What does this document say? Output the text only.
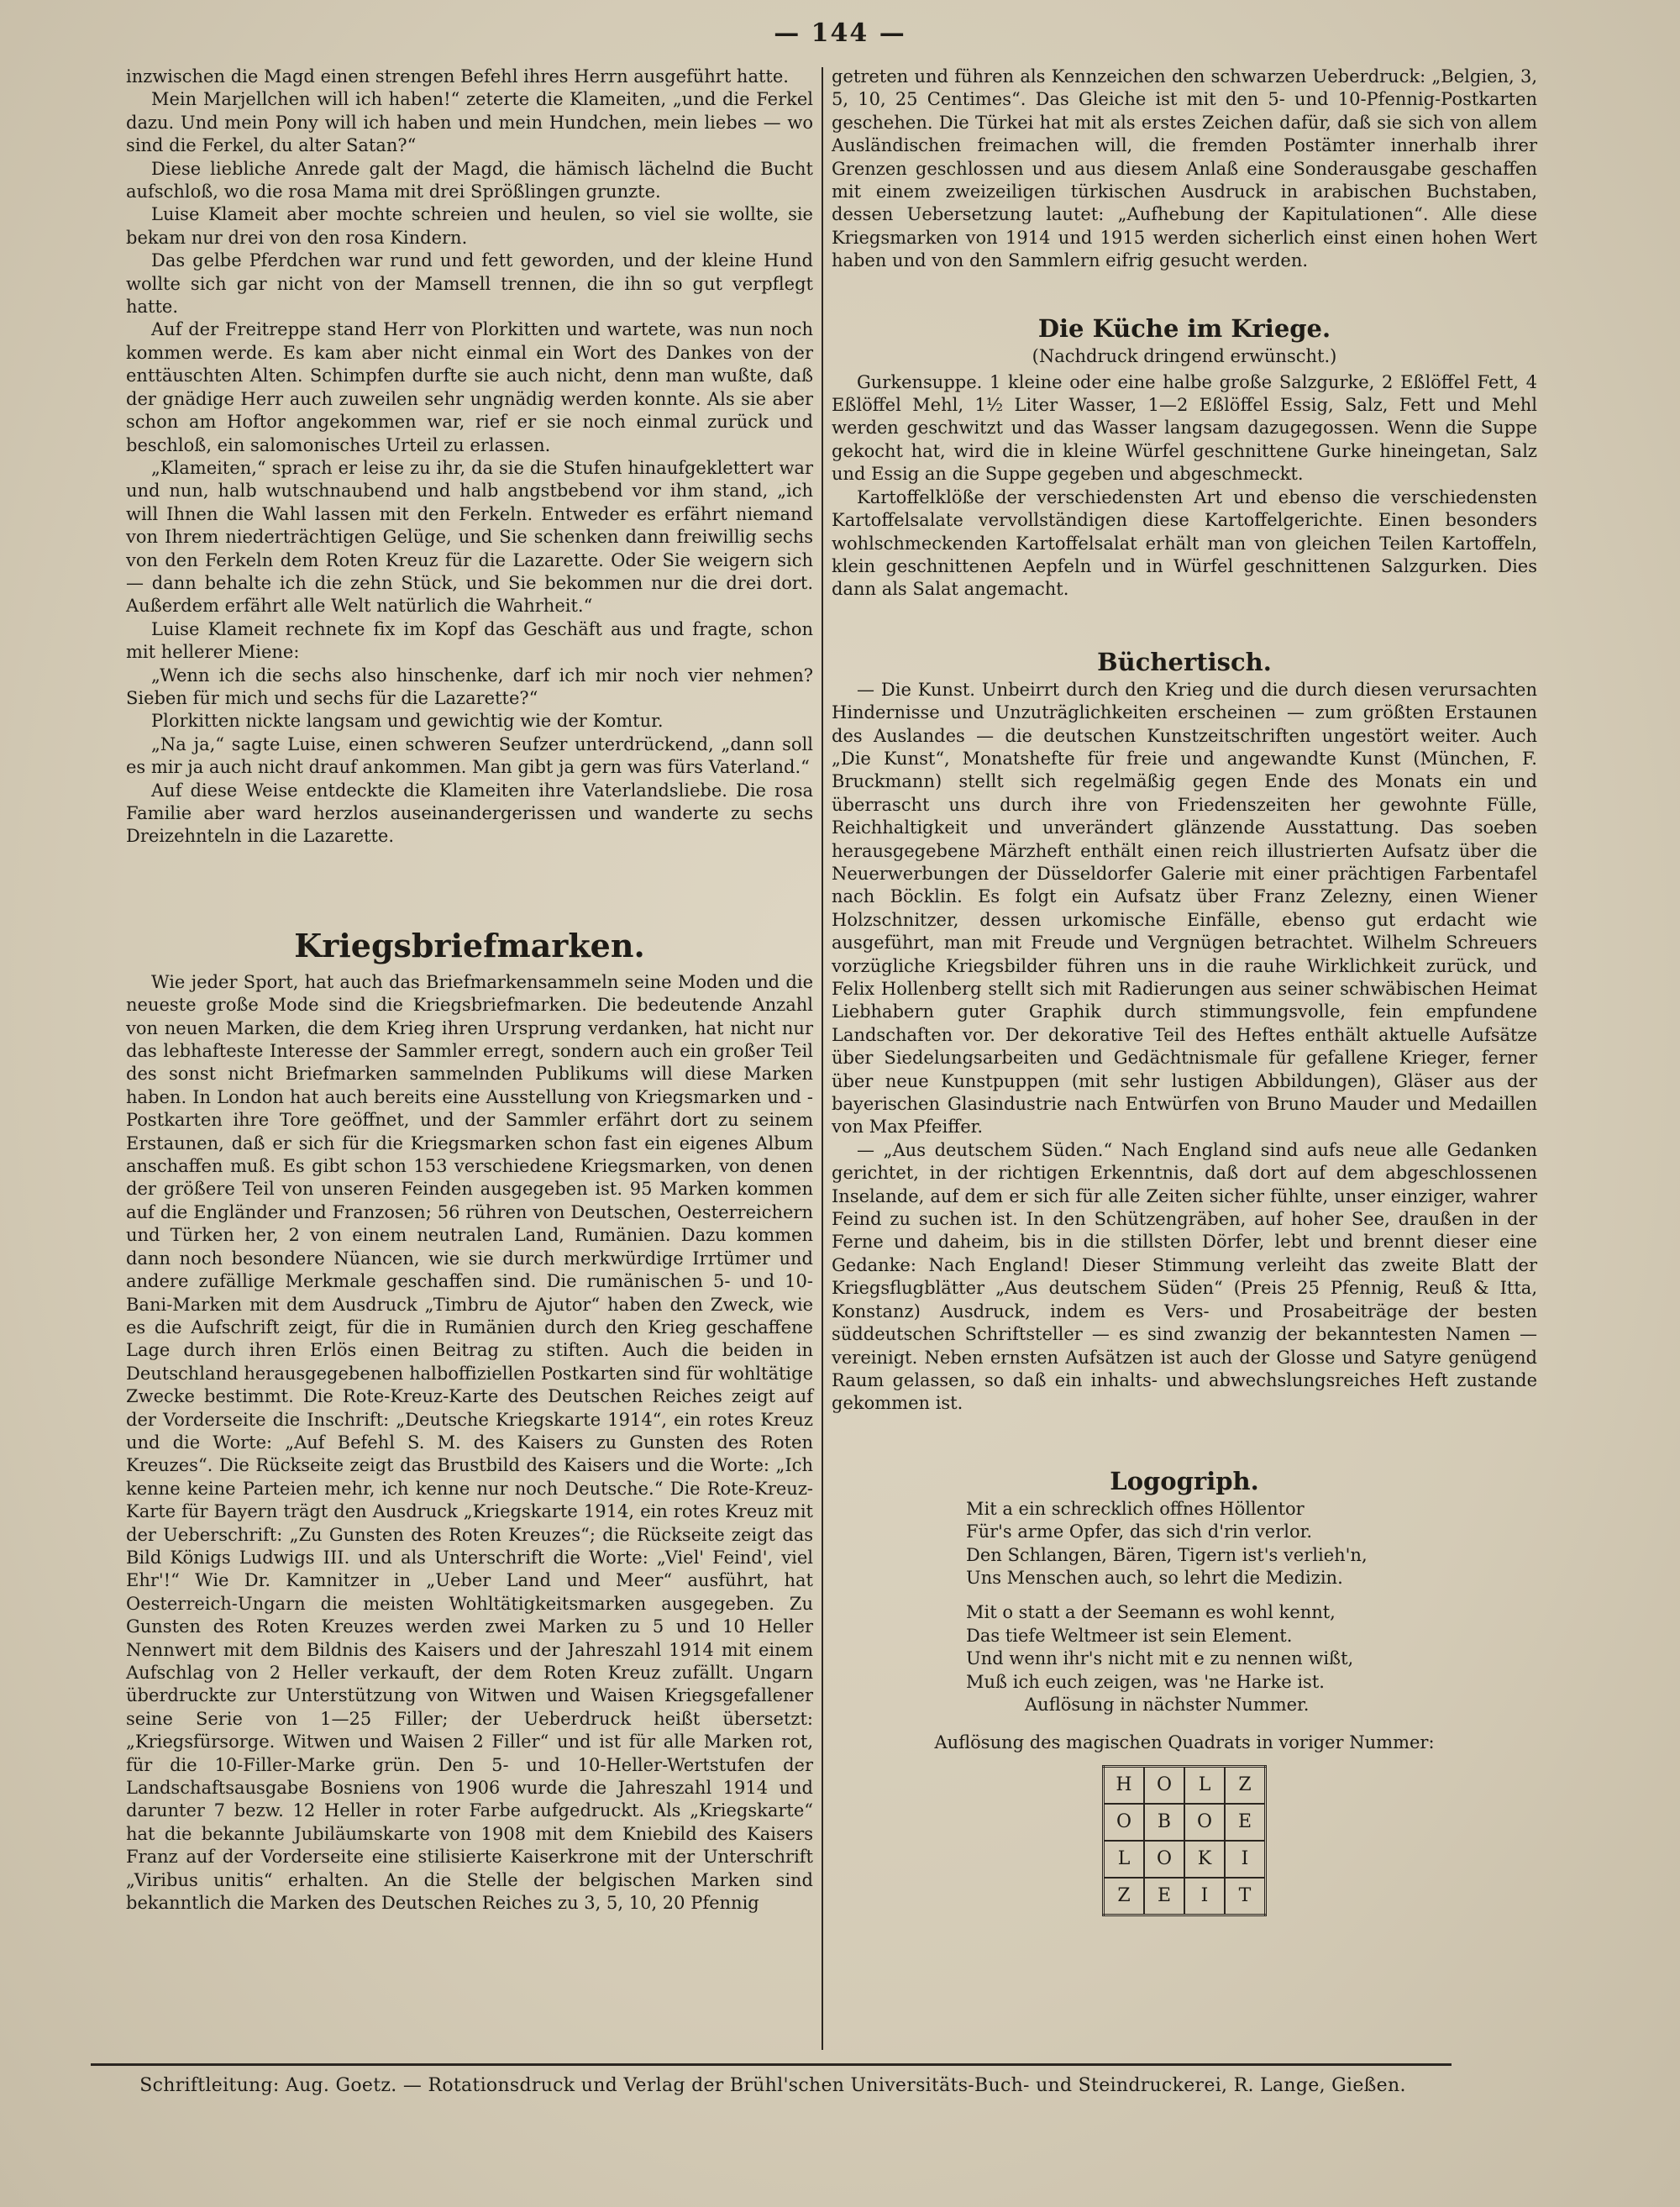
— 144 —

inzwischen die Magd einen strengen Befehl ihres Herrn ausgeführt hatte.

Mein Marjellchen will ich haben!“ zeterte die Klameiten, „und die Ferkel dazu. Und mein Pony will ich haben und mein Hundchen, mein liebes — wo sind die Ferkel, du alter Satan?“

Diese liebliche Anrede galt der Magd, die hämisch lächelnd die Bucht aufschloß, wo die rosa Mama mit drei Sprößlingen grunzte.

Luise Klameit aber mochte schreien und heulen, so viel sie wollte, sie bekam nur drei von den rosa Kindern.

Das gelbe Pferdchen war rund und fett geworden, und der kleine Hund wollte sich gar nicht von der Mamsell trennen, die ihn so gut verpflegt hatte.

Auf der Freitreppe stand Herr von Plorkitten und wartete, was nun noch kommen werde. Es kam aber nicht einmal ein Wort des Dankes von der enttäuschten Alten. Schimpfen durfte sie auch nicht, denn man wußte, daß der gnädige Herr auch zuweilen sehr ungnädig werden konnte. Als sie aber schon am Hoftor angekommen war, rief er sie noch einmal zurück und beschloß, ein salomonisches Urteil zu erlassen.

„Klameiten,“ sprach er leise zu ihr, da sie die Stufen hinaufgeklettert war und nun, halb wutschnaubend und halb angstbebend vor ihm stand, „ich will Ihnen die Wahl lassen mit den Ferkeln. Entweder es erfährt niemand von Ihrem niederträchtigen Gelüge, und Sie schenken dann freiwillig sechs von den Ferkeln dem Roten Kreuz für die Lazarette. Oder Sie weigern sich — dann behalte ich die zehn Stück, und Sie bekommen nur die drei dort. Außerdem erfährt alle Welt natürlich die Wahrheit.“

Luise Klameit rechnete fix im Kopf das Geschäft aus und fragte, schon mit hellerer Miene:

„Wenn ich die sechs also hinschenke, darf ich mir noch vier nehmen? Sieben für mich und sechs für die Lazarette?“

Plorkitten nickte langsam und gewichtig wie der Komtur.

„Na ja,“ sagte Luise, einen schweren Seufzer unterdrückend, „dann soll es mir ja auch nicht drauf ankommen. Man gibt ja gern was fürs Vaterland.“

Auf diese Weise entdeckte die Klameiten ihre Vaterlandsliebe. Die rosa Familie aber ward herzlos auseinandergerissen und wanderte zu sechs Dreizehnteln in die Lazarette.

Kriegsbriefmarken.

Wie jeder Sport, hat auch das Briefmarkensammeln seine Moden und die neueste große Mode sind die Kriegsbriefmarken. Die bedeutende Anzahl von neuen Marken, die dem Krieg ihren Ursprung verdanken, hat nicht nur das lebhafteste Interesse der Sammler erregt, sondern auch ein großer Teil des sonst nicht Briefmarken sammelnden Publikums will diese Marken haben. In London hat auch bereits eine Ausstellung von Kriegsmarken und -Postkarten ihre Tore geöffnet, und der Sammler erfährt dort zu seinem Erstaunen, daß er sich für die Kriegsmarken schon fast ein eigenes Album anschaffen muß. Es gibt schon 153 verschiedene Kriegsmarken, von denen der größere Teil von unseren Feinden ausgegeben ist. 95 Marken kommen auf die Engländer und Franzosen; 56 rühren von Deutschen, Oesterreichern und Türken her, 2 von einem neutralen Land, Rumänien. Dazu kommen dann noch besondere Nüancen, wie sie durch merkwürdige Irrtümer und andere zufällige Merkmale geschaffen sind. Die rumänischen 5- und 10-Bani-Marken mit dem Ausdruck „Timbru de Ajutor“ haben den Zweck, wie es die Aufschrift zeigt, für die in Rumänien durch den Krieg geschaffene Lage durch ihren Erlös einen Beitrag zu stiften. Auch die beiden in Deutschland herausgegebenen halboffiziellen Postkarten sind für wohltätige Zwecke bestimmt. Die Rote-Kreuz-Karte des Deutschen Reiches zeigt auf der Vorderseite die Inschrift: „Deutsche Kriegskarte 1914“, ein rotes Kreuz und die Worte: „Auf Befehl S. M. des Kaisers zu Gunsten des Roten Kreuzes“. Die Rückseite zeigt das Brustbild des Kaisers und die Worte: „Ich kenne keine Parteien mehr, ich kenne nur noch Deutsche.“ Die Rote-Kreuz-Karte für Bayern trägt den Ausdruck „Kriegskarte 1914, ein rotes Kreuz mit der Ueberschrift: „Zu Gunsten des Roten Kreuzes“; die Rückseite zeigt das Bild Königs Ludwigs III. und als Unterschrift die Worte: „Viel' Feind', viel Ehr'!“ Wie Dr. Kamnitzer in „Ueber Land und Meer“ ausführt, hat Oesterreich-Ungarn die meisten Wohltätigkeitsmarken ausgegeben. Zu Gunsten des Roten Kreuzes werden zwei Marken zu 5 und 10 Heller Nennwert mit dem Bildnis des Kaisers und der Jahreszahl 1914 mit einem Aufschlag von 2 Heller verkauft, der dem Roten Kreuz zufällt. Ungarn überdruckte zur Unterstützung von Witwen und Waisen Kriegsgefallener seine Serie von 1—25 Filler; der Ueberdruck heißt übersetzt: „Kriegsfürsorge. Witwen und Waisen 2 Filler“ und ist für alle Marken rot, für die 10-Filler-Marke grün. Den 5- und 10-Heller-Wertstufen der Landschaftsausgabe Bosniens von 1906 wurde die Jahreszahl 1914 und darunter 7 bezw. 12 Heller in roter Farbe aufgedruckt. Als „Kriegskarte“ hat die bekannte Jubiläumskarte von 1908 mit dem Kniebild des Kaisers Franz auf der Vorderseite eine stilisierte Kaiserkrone mit der Unterschrift „Viribus unitis“ erhalten. An die Stelle der belgischen Marken sind bekanntlich die Marken des Deutschen Reiches zu 3, 5, 10, 20 Pfennig

getreten und führen als Kennzeichen den schwarzen Ueberdruck: „Belgien, 3, 5, 10, 25 Centimes“. Das Gleiche ist mit den 5- und 10-Pfennig-Postkarten geschehen. Die Türkei hat mit als erstes Zeichen dafür, daß sie sich von allem Ausländischen freimachen will, die fremden Postämter innerhalb ihrer Grenzen geschlossen und aus diesem Anlaß eine Sonderausgabe geschaffen mit einem zweizeiligen türkischen Ausdruck in arabischen Buchstaben, dessen Uebersetzung lautet: „Aufhebung der Kapitulationen“. Alle diese Kriegsmarken von 1914 und 1915 werden sicherlich einst einen hohen Wert haben und von den Sammlern eifrig gesucht werden.

Die Küche im Kriege.
(Nachdruck dringend erwünscht.)

Gurkensuppe. 1 kleine oder eine halbe große Salzgurke, 2 Eßlöffel Fett, 4 Eßlöffel Mehl, 1½ Liter Wasser, 1—2 Eßlöffel Essig, Salz, Fett und Mehl werden geschwitzt und das Wasser langsam dazugegossen. Wenn die Suppe gekocht hat, wird die in kleine Würfel geschnittene Gurke hineingetan, Salz und Essig an die Suppe gegeben und abgeschmeckt.

Kartoffelklöße der verschiedensten Art und ebenso die verschiedensten Kartoffelsalate vervollständigen diese Kartoffelgerichte. Einen besonders wohlschmeckenden Kartoffelsalat erhält man von gleichen Teilen Kartoffeln, klein geschnittenen Aepfeln und in Würfel geschnittenen Salzgurken. Dies dann als Salat angemacht.

Büchertisch.

— Die Kunst. Unbeirrt durch den Krieg und die durch diesen verursachten Hindernisse und Unzuträglichkeiten erscheinen — zum größten Erstaunen des Auslandes — die deutschen Kunstzeitschriften ungestört weiter. Auch „Die Kunst“, Monatshefte für freie und angewandte Kunst (München, F. Bruckmann) stellt sich regelmäßig gegen Ende des Monats ein und überrascht uns durch ihre von Friedenszeiten her gewohnte Fülle, Reichhaltigkeit und unverändert glänzende Ausstattung. Das soeben herausgegebene Märzheft enthält einen reich illustrierten Aufsatz über die Neuerwerbungen der Düsseldorfer Galerie mit einer prächtigen Farbentafel nach Böcklin. Es folgt ein Aufsatz über Franz Zelezny, einen Wiener Holzschnitzer, dessen urkomische Einfälle, ebenso gut erdacht wie ausgeführt, man mit Freude und Vergnügen betrachtet. Wilhelm Schreuers vorzügliche Kriegsbilder führen uns in die rauhe Wirklichkeit zurück, und Felix Hollenberg stellt sich mit Radierungen aus seiner schwäbischen Heimat Liebhabern guter Graphik durch stimmungsvolle, fein empfundene Landschaften vor. Der dekorative Teil des Heftes enthält aktuelle Aufsätze über Siedelungsarbeiten und Gedächtnismale für gefallene Krieger, ferner über neue Kunstpuppen (mit sehr lustigen Abbildungen), Gläser aus der bayerischen Glasindustrie nach Entwürfen von Bruno Mauder und Medaillen von Max Pfeiffer.

— „Aus deutschem Süden.“ Nach England sind aufs neue alle Gedanken gerichtet, in der richtigen Erkenntnis, daß dort auf dem abgeschlossenen Inselande, auf dem er sich für alle Zeiten sicher fühlte, unser einziger, wahrer Feind zu suchen ist. In den Schützengräben, auf hoher See, draußen in der Ferne und daheim, bis in die stillsten Dörfer, lebt und brennt dieser eine Gedanke: Nach England! Dieser Stimmung verleiht das zweite Blatt der Kriegsflugblätter „Aus deutschem Süden“ (Preis 25 Pfennig, Reuß & Itta, Konstanz) Ausdruck, indem es Vers- und Prosabeiträge der besten süddeutschen Schriftsteller — es sind zwanzig der bekanntesten Namen — vereinigt. Neben ernsten Aufsätzen ist auch der Glosse und Satyre genügend Raum gelassen, so daß ein inhalts- und abwechslungsreiches Heft zustande gekommen ist.

Logogriph.
Mit a ein schrecklich offnes Höllentor
Für's arme Opfer, das sich d'rin verlor.
Den Schlangen, Bären, Tigern ist's verlieh'n,
Uns Menschen auch, so lehrt die Medizin.
Mit o statt a der Seemann es wohl kennt,
Das tiefe Weltmeer ist sein Element.
Und wenn ihr's nicht mit e zu nennen wißt,
Muß ich euch zeigen, was 'ne Harke ist.
Auflösung in nächster Nummer.
Auflösung des magischen Quadrats in voriger Nummer:
H	O	L	Z
O	B	O	E
L	O	K	I
Z	E	I	T
Schriftleitung: Aug. Goetz. — Rotationsdruck und Verlag der Brühl'schen Universitäts-Buch- und Steindruckerei, R. Lange, Gießen.
